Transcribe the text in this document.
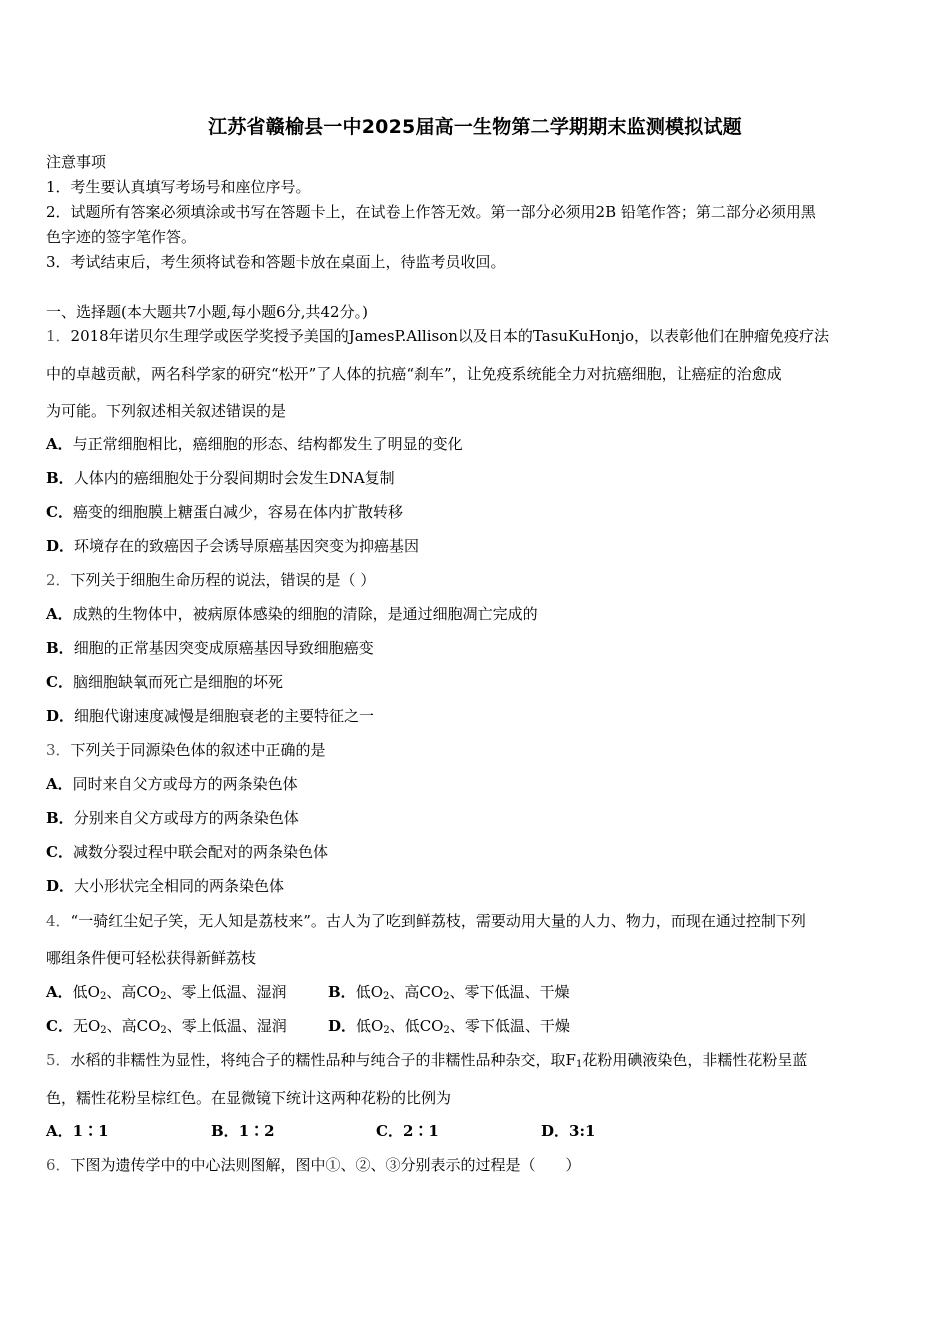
江苏省赣榆县一中2025届高一生物第二学期期末监测模拟试题
注意事项
1．考生要认真填写考场号和座位序号。
2．试题所有答案必须填涂或书写在答题卡上，在试卷上作答无效。第一部分必须用2B 铅笔作答；第二部分必须用黑
色字迹的签字笔作答。
3．考试结束后，考生须将试卷和答题卡放在桌面上，待监考员收回。
一、选择题(本大题共7小题,每小题6分,共42分。)
1．2018年诺贝尔生理学或医学奖授予美国的JamesP.Allison以及日本的TasuKuHonjo，以表彰他们在肿瘤免疫疗法
中的卓越贡献，两名科学家的研究“松开”了人体的抗癌“刹车”，让免疫系统能全力对抗癌细胞，让癌症的治愈成
为可能。下列叙述相关叙述错误的是
A．与正常细胞相比，癌细胞的形态、结构都发生了明显的变化
B．人体内的癌细胞处于分裂间期时会发生DNA复制
C．癌变的细胞膜上糖蛋白减少，容易在体内扩散转移
D．环境存在的致癌因子会诱导原癌基因突变为抑癌基因
2．下列关于细胞生命历程的说法，错误的是（ ）
A．成熟的生物体中，被病原体感染的细胞的清除，是通过细胞凋亡完成的
B．细胞的正常基因突变成原癌基因导致细胞癌变
C．脑细胞缺氧而死亡是细胞的坏死
D．细胞代谢速度减慢是细胞衰老的主要特征之一
3．下列关于同源染色体的叙述中正确的是
A．同时来自父方或母方的两条染色体
B．分别来自父方或母方的两条染色体
C．减数分裂过程中联会配对的两条染色体
D．大小形状完全相同的两条染色体
4．“一骑红尘妃子笑，无人知是荔枝来”。古人为了吃到鲜荔枝，需要动用大量的人力、物力，而现在通过控制下列
哪组条件便可轻松获得新鲜荔枝
A．低$O_2$、高$CO_2$、零上低温、湿润	B．低$O_2$、高$CO_2$、零下低温、干燥
C．无$O_2$、高$CO_2$、零上低温、湿润	D．低$O_2$、低$CO_2$、零下低温、干燥
5．水稻的非糯性为显性，将纯合子的糯性品种与纯合子的非糯性品种杂交，取$F_1$花粉用碘液染色，非糯性花粉呈蓝
色，糯性花粉呈棕红色。在显微镜下统计这两种花粉的比例为
A．1∶1	B．1∶2	C．2∶1	D．3:1
6．下图为遗传学中的中心法则图解，图中①、②、③分别表示的过程是（　　）
